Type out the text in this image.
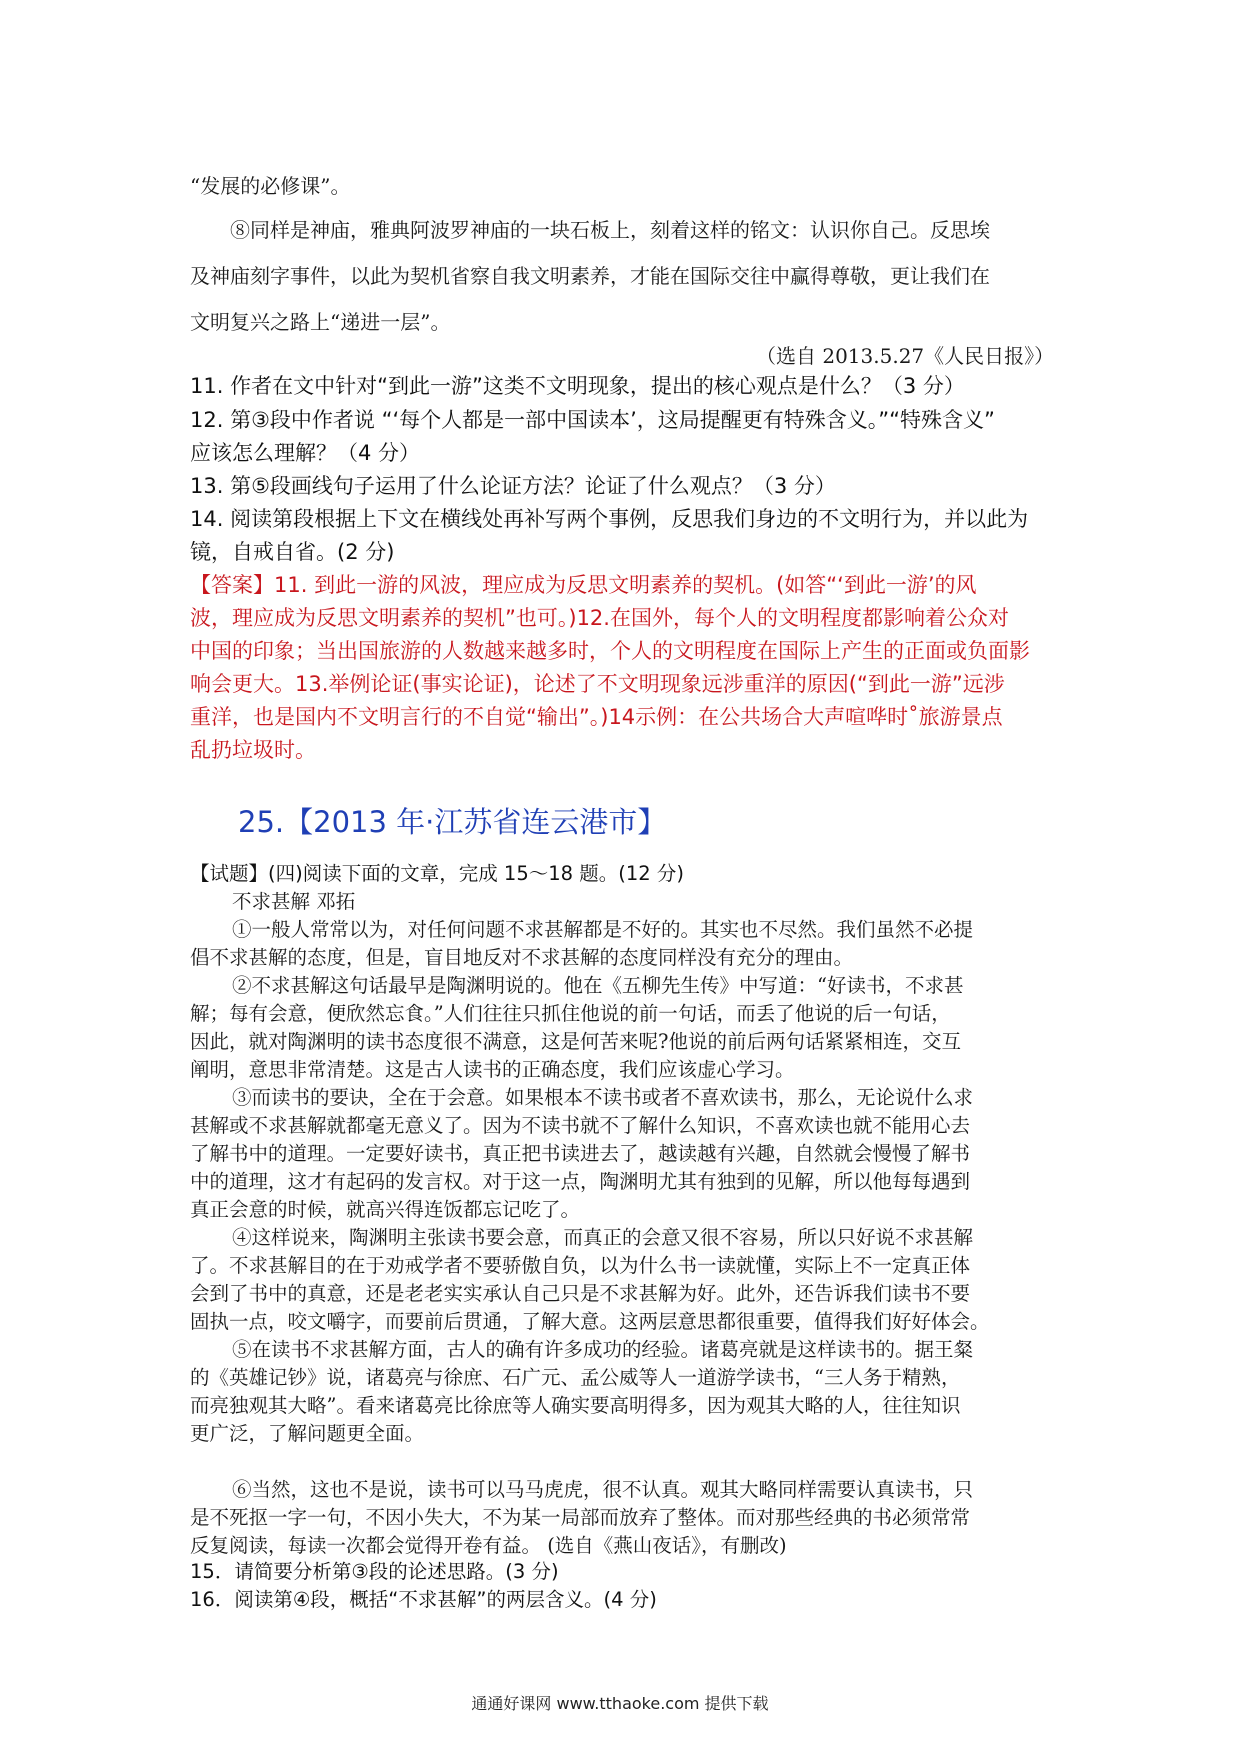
“发展的必修课”。
⑧同样是神庙，雅典阿波罗神庙的一块石板上，刻着这样的铭文：认识你自己。反思埃
及神庙刻字事件，以此为契机省察自我文明素养，才能在国际交往中赢得尊敬，更让我们在
文明复兴之路上“递进一层”。
（选自 2013.5.27《人民日报》）
11. 作者在文中针对“到此一游”这类不文明现象，提出的核心观点是什么？（3 分）
12. 第③段中作者说 “‘每个人都是一部中国读本’，这局提醒更有特殊含义。”“特殊含义”
应该怎么理解？（4 分）
13. 第⑤段画线句子运用了什么论证方法？论证了什么观点？（3 分）
14. 阅读第段根据上下文在横线处再补写两个事例，反思我们身边的不文明行为，并以此为
镜，自戒自省。(2 分)
【答案】11. 到此一游的风波，理应成为反思文明素养的契机。(如答“‘到此一游’的风
波，理应成为反思文明素养的契机”也可。)12.在国外，每个人的文明程度都影响着公众对
中国的印象；当出国旅游的人数越来越多时，个人的文明程度在国际上产生的正面或负面影
响会更大。13.举例论证(事实论证)，论述了不文明现象远涉重洋的原因(“到此一游”远涉
重洋，也是国内不文明言行的不自觉“输出”。)14示例：在公共场合大声喧哗时˚旅游景点
乱扔垃圾时。
25.【2013 年·江苏省连云港市】
【试题】(四)阅读下面的文章，完成 15～18 题。(12 分)
不求甚解 邓拓
①一般人常常以为，对任何问题不求甚解都是不好的。其实也不尽然。我们虽然不必提
倡不求甚解的态度，但是，盲目地反对不求甚解的态度同样没有充分的理由。
②不求甚解这句话最早是陶渊明说的。他在《五柳先生传》中写道：“好读书，不求甚
解；每有会意，便欣然忘食。”人们往往只抓住他说的前一句话，而丢了他说的后一句话，
因此，就对陶渊明的读书态度很不满意，这是何苦来呢?他说的前后两句话紧紧相连，交互
阐明，意思非常清楚。这是古人读书的正确态度，我们应该虚心学习。
③而读书的要诀，全在于会意。如果根本不读书或者不喜欢读书，那么，无论说什么求
甚解或不求甚解就都毫无意义了。因为不读书就不了解什么知识，不喜欢读也就不能用心去
了解书中的道理。一定要好读书，真正把书读进去了，越读越有兴趣，自然就会慢慢了解书
中的道理，这才有起码的发言权。对于这一点，陶渊明尤其有独到的见解，所以他每每遇到
真正会意的时候，就高兴得连饭都忘记吃了。
④这样说来，陶渊明主张读书要会意，而真正的会意又很不容易，所以只好说不求甚解
了。不求甚解目的在于劝戒学者不要骄傲自负，以为什么书一读就懂，实际上不一定真正体
会到了书中的真意，还是老老实实承认自己只是不求甚解为好。此外，还告诉我们读书不要
固执一点，咬文嚼字，而要前后贯通，了解大意。这两层意思都很重要，值得我们好好体会。
⑤在读书不求甚解方面，古人的确有许多成功的经验。诸葛亮就是这样读书的。据王粲
的《英雄记钞》说，诸葛亮与徐庶、石广元、孟公威等人一道游学读书，“三人务于精熟，
而亮独观其大略”。看来诸葛亮比徐庶等人确实要高明得多，因为观其大略的人，往往知识
更广泛，了解问题更全面。
⑥当然，这也不是说，读书可以马马虎虎，很不认真。观其大略同样需要认真读书，只
是不死抠一字一句，不因小失大，不为某一局部而放弃了整体。而对那些经典的书必须常常
反复阅读，每读一次都会觉得开卷有益。 (选自《燕山夜话》，有删改)
15．请简要分析第③段的论述思路。(3 分)
16．阅读第④段，概括“不求甚解”的两层含义。(4 分)
通通好课网 www.tthaoke.com 提供下载
